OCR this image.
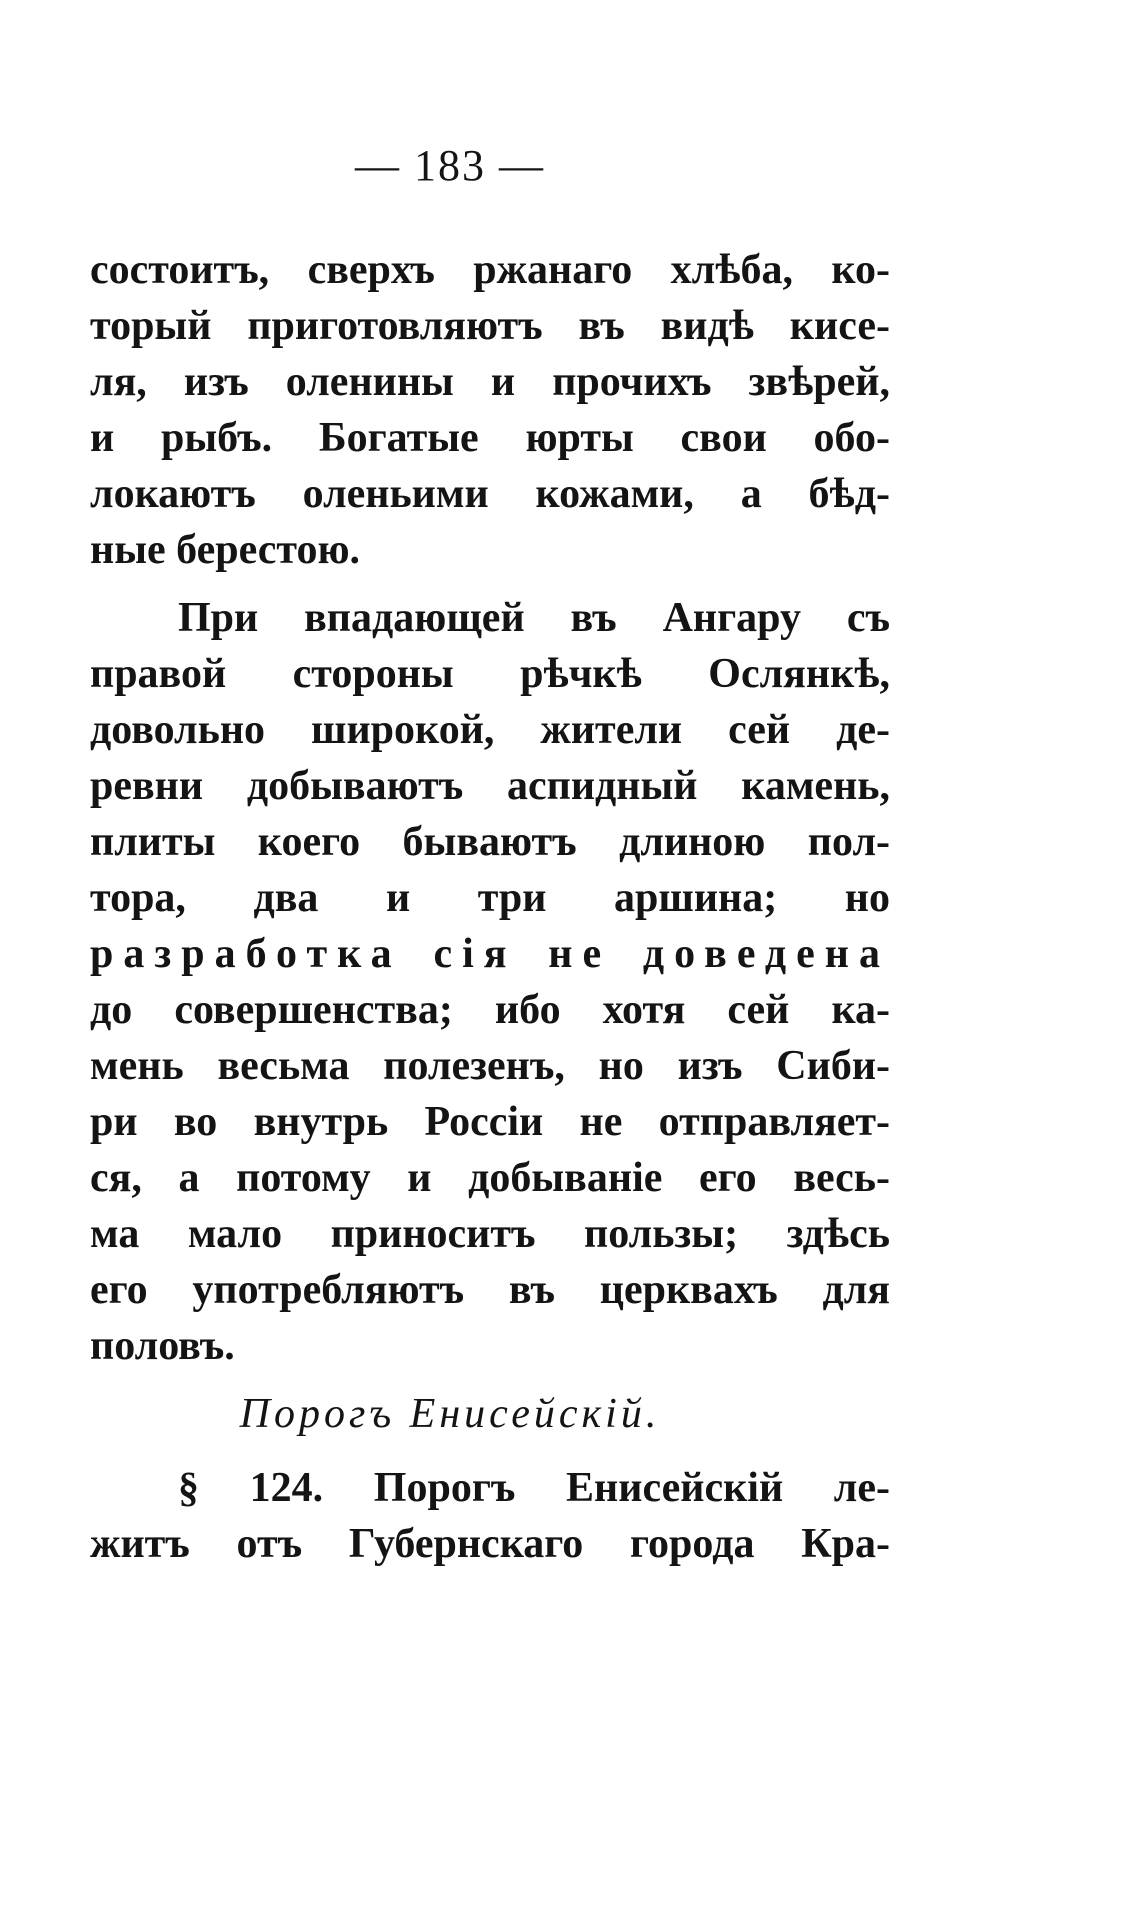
— 183 —
состоитъ, сверхъ ржанаго хлѣба, ко-
торый приготовляютъ въ видѣ кисе-
ля, изъ оленины и прочихъ звѣрей,
и рыбъ. Богатые юрты свои обо-
локаютъ оленьими кожами, а бѣд-
ные берестою.
При впадающей въ Ангару съ
правой стороны рѣчкѣ Ослянкѣ,
довольно широкой, жители сей де-
ревни добываютъ аспидный камень,
плиты коего бываютъ длиною пол-
тора, два и три аршина; но
разработка сія не доведена
до совершенства; ибо хотя сей ка-
мень весьма полезенъ, но изъ Сиби-
ри во внутрь Россіи не отправляет-
ся, а потому и добываніе его весь-
ма мало приноситъ пользы; здѣсь
его употребляютъ въ церквахъ для
половъ.
Порогъ Енисейскій.
§ 124. Порогъ Енисейскій ле-
житъ отъ Губернскаго города Кра-
